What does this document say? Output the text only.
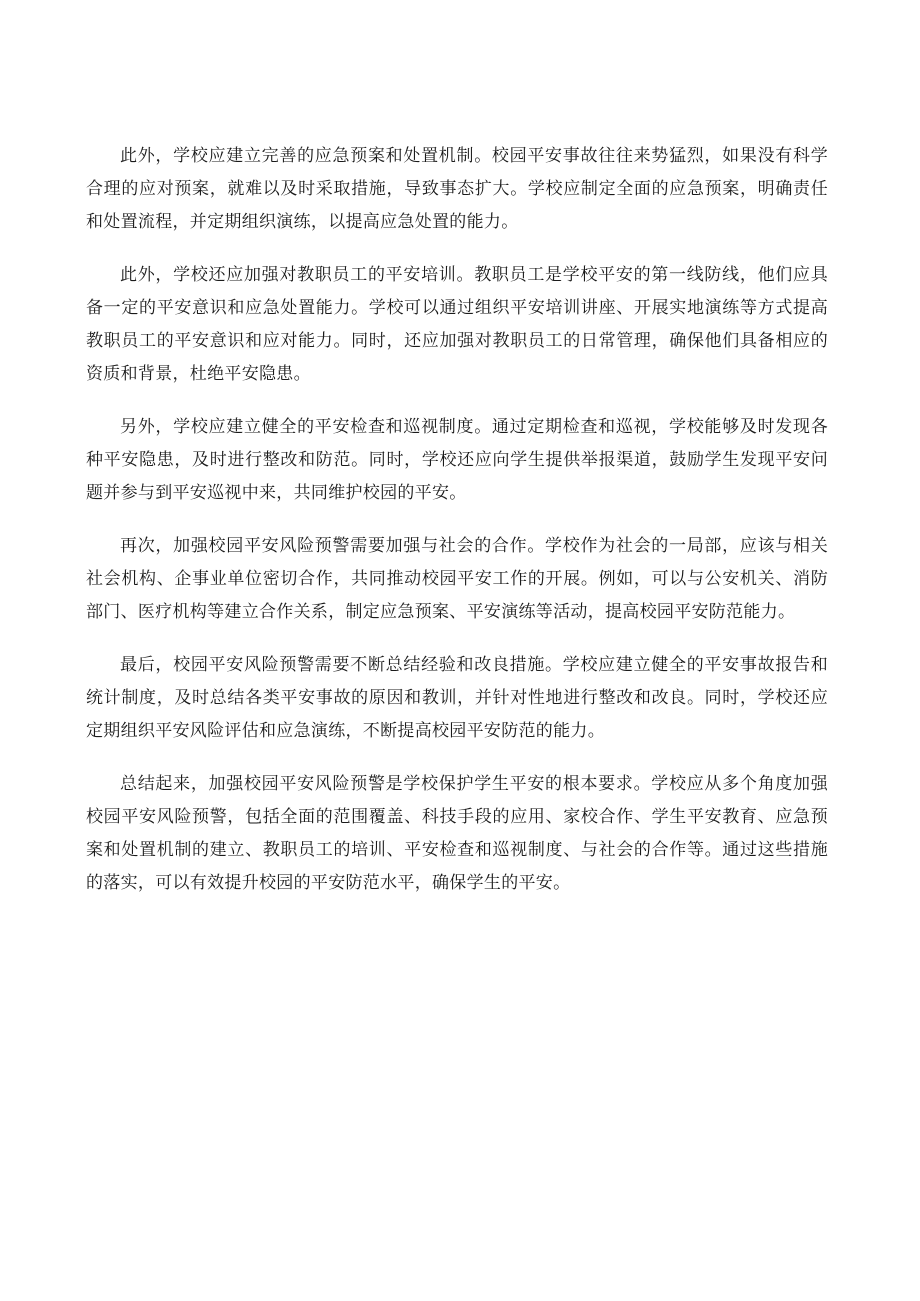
此外，学校应建立完善的应急预案和处置机制。校园平安事故往往来势猛烈，如果没有科学合理的应对预案，就难以及时采取措施，导致事态扩大。学校应制定全面的应急预案，明确责任和处置流程，并定期组织演练，以提高应急处置的能力。

此外，学校还应加强对教职员工的平安培训。教职员工是学校平安的第一线防线，他们应具备一定的平安意识和应急处置能力。学校可以通过组织平安培训讲座、开展实地演练等方式提高教职员工的平安意识和应对能力。同时，还应加强对教职员工的日常管理，确保他们具备相应的资质和背景，杜绝平安隐患。

另外，学校应建立健全的平安检查和巡视制度。通过定期检查和巡视，学校能够及时发现各种平安隐患，及时进行整改和防范。同时，学校还应向学生提供举报渠道，鼓励学生发现平安问题并参与到平安巡视中来，共同维护校园的平安。

再次，加强校园平安风险预警需要加强与社会的合作。学校作为社会的一局部，应该与相关社会机构、企事业单位密切合作，共同推动校园平安工作的开展。例如，可以与公安机关、消防部门、医疗机构等建立合作关系，制定应急预案、平安演练等活动，提高校园平安防范能力。

最后，校园平安风险预警需要不断总结经验和改良措施。学校应建立健全的平安事故报告和统计制度，及时总结各类平安事故的原因和教训，并针对性地进行整改和改良。同时，学校还应定期组织平安风险评估和应急演练，不断提高校园平安防范的能力。

总结起来，加强校园平安风险预警是学校保护学生平安的根本要求。学校应从多个角度加强校园平安风险预警，包括全面的范围覆盖、科技手段的应用、家校合作、学生平安教育、应急预案和处置机制的建立、教职员工的培训、平安检查和巡视制度、与社会的合作等。通过这些措施的落实，可以有效提升校园的平安防范水平，确保学生的平安。
